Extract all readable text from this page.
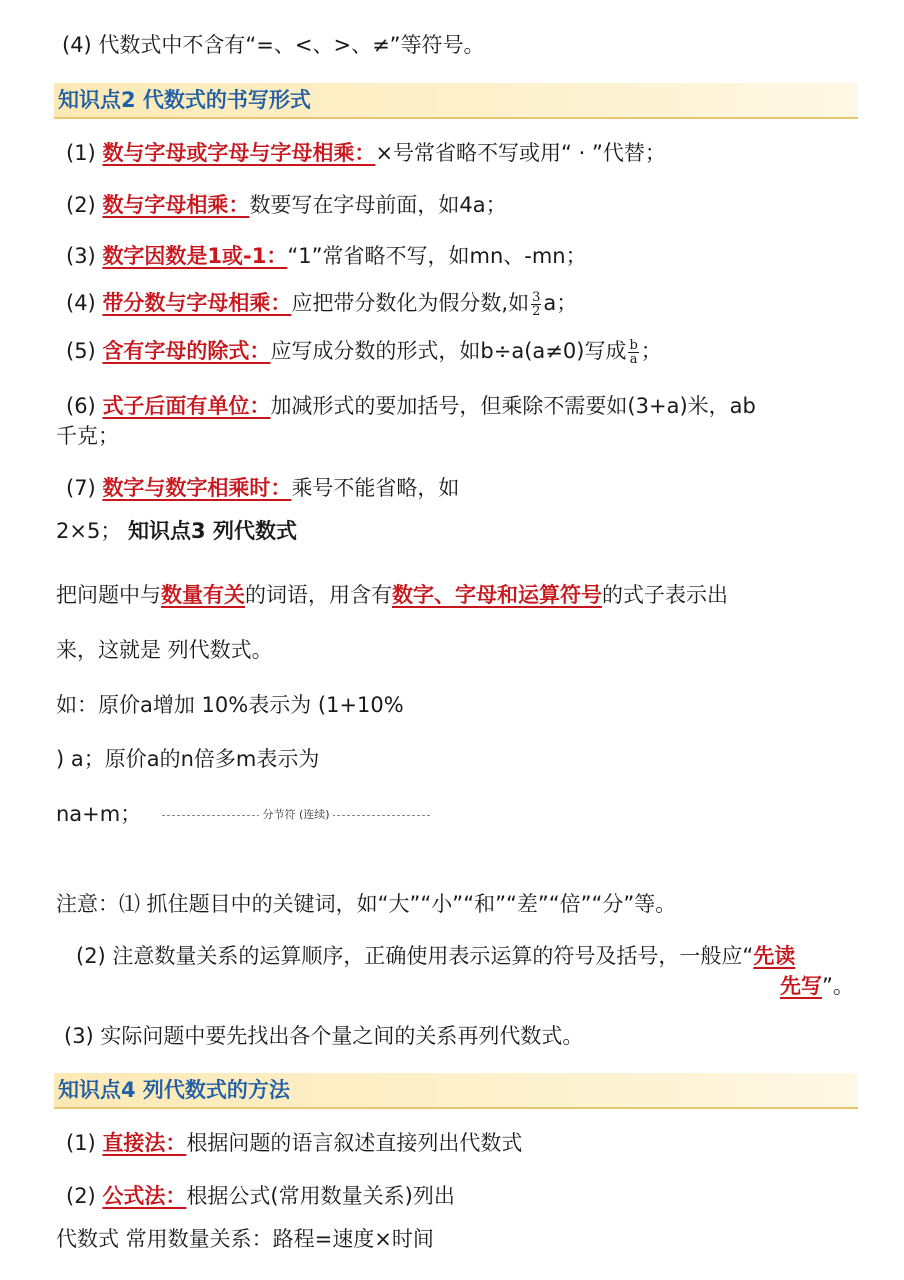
(4) 代数式中不含有“=、<、>、≠”等符号。
知识点2 代数式的书写形式
(1) 数与字母或字母与字母相乘：×号常省略不写或用“ · ”代替；
(2) 数与字母相乘：数要写在字母前面，如4a；
(3) 数字因数是1或-1：“1”常省略不写，如mn、-mn；
(4) 带分数与字母相乘：应把带分数化为假分数,如 $\frac{3}{2}$ a；
(5) 含有字母的除式：应写成分数的形式，如b÷a(a≠0)写成 $\frac{b}{a}$ ；
(6) 式子后面有单位：加减形式的要加括号，但乘除不需要如(3+a)米，ab
千克；
(7) 数字与数字相乘时：乘号不能省略，如
2×5； 知识点3 列代数式
把问题中与数量有关的词语，用含有数字、字母和运算符号的式子表示出
来，这就是 列代数式。
如：原价a增加 10%表示为 (1+10%
) a；原价a的n倍多m表示为
na+m；	分节符 (连续)
注意：⑴ 抓住题目中的关键词，如“大”“小”“和”“差”“倍”“分”等。
(2) 注意数量关系的运算顺序，正确使用表示运算的符号及括号，一般应“先读
先写”。
(3) 实际问题中要先找出各个量之间的关系再列代数式。
知识点4 列代数式的方法
(1) 直接法：根据问题的语言叙述直接列出代数式
(2) 公式法：根据公式(常用数量关系)列出
代数式 常用数量关系：路程=速度×时间
